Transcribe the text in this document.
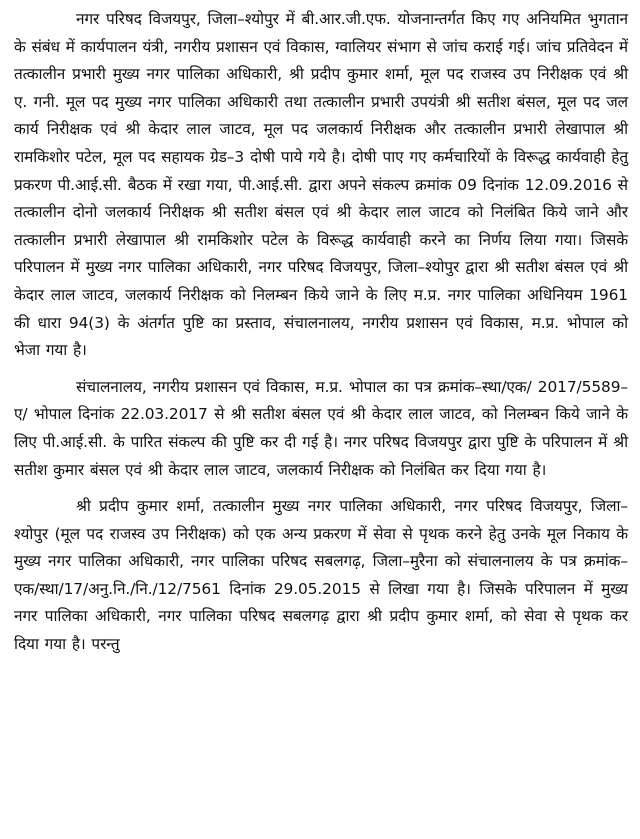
नगर परिषद विजयपुर, जिला–श्योपुर में बी.आर.जी.एफ. योजनान्तर्गत किए गए अनियमित भुगतान के संबंध में कार्यपालन यंत्री, नगरीय प्रशासन एवं विकास, ग्वालियर संभाग से जांच कराई गई। जांच प्रतिवेदन में तत्कालीन प्रभारी मुख्य नगर पालिका अधिकारी, श्री प्रदीप कुमार शर्मा, मूल पद राजस्व उप निरीक्षक एवं श्री ए. गनी. मूल पद मुख्य नगर पालिका अधिकारी तथा तत्कालीन प्रभारी उपयंत्री श्री सतीश बंसल, मूल पद जल कार्य निरीक्षक एवं श्री केदार लाल जाटव, मूल पद जलकार्य निरीक्षक और तत्कालीन प्रभारी लेखापाल श्री रामकिशोर पटेल, मूल पद सहायक ग्रेड–3 दोषी पाये गये है। दोषी पाए गए कर्मचारियों के विरूद्ध कार्यवाही हेतु प्रकरण पी.आई.सी. बैठक में रखा गया, पी.आई.सी. द्वारा अपने संकल्प क्रमांक 09 दिनांक 12.09.2016 से तत्कालीन दोनो जलकार्य निरीक्षक श्री सतीश बंसल एवं श्री केदार लाल जाटव को निलंबित किये जाने और तत्कालीन प्रभारी लेखापाल श्री रामकिशोर पटेल के विरूद्ध कार्यवाही करने का निर्णय लिया गया। जिसके परिपालन में मुख्य नगर पालिका अधिकारी, नगर परिषद विजयपुर, जिला–श्योपुर द्वारा श्री सतीश बंसल एवं श्री केदार लाल जाटव, जलकार्य निरीक्षक को निलम्बन किये जाने के लिए म.प्र. नगर पालिका अधिनियम 1961 की धारा 94(3) के अंतर्गत पुष्टि का प्रस्ताव, संचालनालय, नगरीय प्रशासन एवं विकास, म.प्र. भोपाल को भेजा गया है।

संचालनालय, नगरीय प्रशासन एवं विकास, म.प्र. भोपाल का पत्र क्रमांक–स्था/एक/ 2017/5589–ए/ भोपाल दिनांक 22.03.2017 से श्री सतीश बंसल एवं श्री केदार लाल जाटव, को निलम्बन किये जाने के लिए पी.आई.सी. के पारित संकल्प की पुष्टि कर दी गई है। नगर परिषद विजयपुर द्वारा पुष्टि के परिपालन में श्री सतीश कुमार बंसल एवं श्री केदार लाल जाटव, जलकार्य निरीक्षक को निलंबित कर दिया गया है।

श्री प्रदीप कुमार शर्मा, तत्कालीन मुख्य नगर पालिका अधिकारी, नगर परिषद विजयपुर, जिला–श्योपुर (मूल पद राजस्व उप निरीक्षक) को एक अन्य प्रकरण में सेवा से पृथक करने हेतु उनके मूल निकाय के मुख्य नगर पालिका अधिकारी, नगर पालिका परिषद सबलगढ़, जिला–मुरैना को संचालनालय के पत्र क्रमांक–एक/स्था/17/अनु.नि./नि./12/7561 दिनांक 29.05.2015 से लिखा गया है। जिसके परिपालन में मुख्य नगर पालिका अधिकारी, नगर पालिका परिषद सबलगढ़ द्वारा श्री प्रदीप कुमार शर्मा, को सेवा से पृथक कर दिया गया है। परन्तु
